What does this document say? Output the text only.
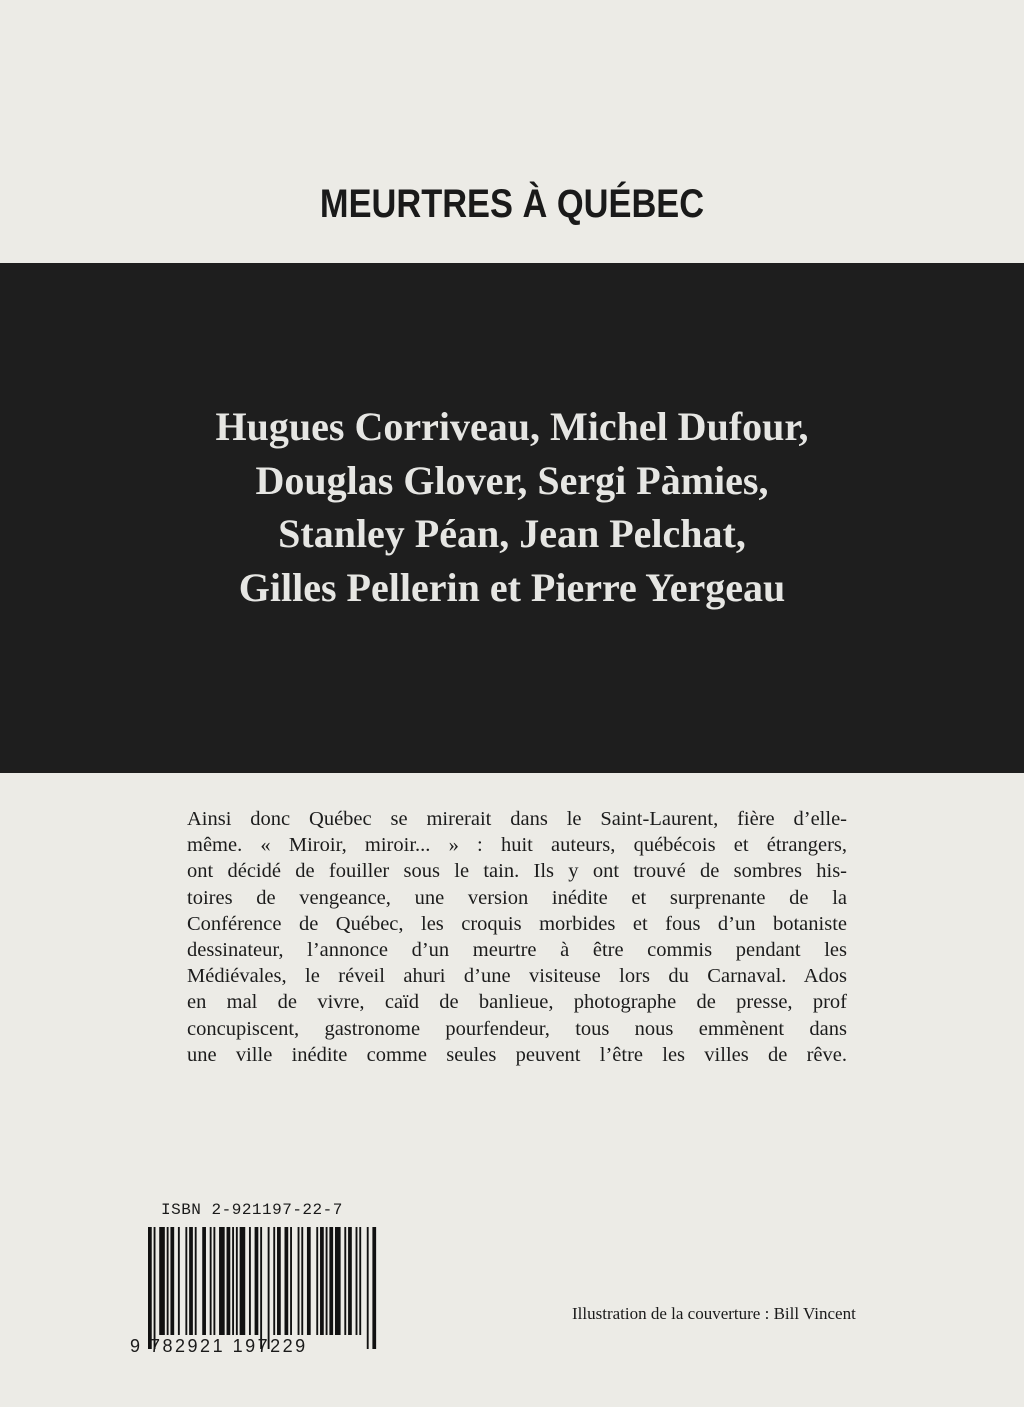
MEURTRES À QUÉBEC
Hugues Corriveau, Michel Dufour,
Douglas Glover, Sergi Pàmies,
Stanley Péan, Jean Pelchat,
Gilles Pellerin et Pierre Yergeau
Ainsi donc Québec se mirerait dans le Saint-Laurent, fière d’elle-
même. « Miroir, miroir... » : huit auteurs, québécois et étrangers,
ont décidé de fouiller sous le tain. Ils y ont trouvé de sombres his-
toires de vengeance, une version inédite et surprenante de la
Conférence de Québec, les croquis morbides et fous d’un botaniste
dessinateur, l’annonce d’un meurtre à être commis pendant les
Médiévales, le réveil ahuri d’une visiteuse lors du Carnaval. Ados
en mal de vivre, caïd de banlieue, photographe de presse, prof
concupiscent, gastronome pourfendeur, tous nous emmènent dans
une ville inédite comme seules peuvent l’être les villes de rêve.
ISBN 2-921197-22-7
9 782921 197229
Illustration de la couverture : Bill Vincent
